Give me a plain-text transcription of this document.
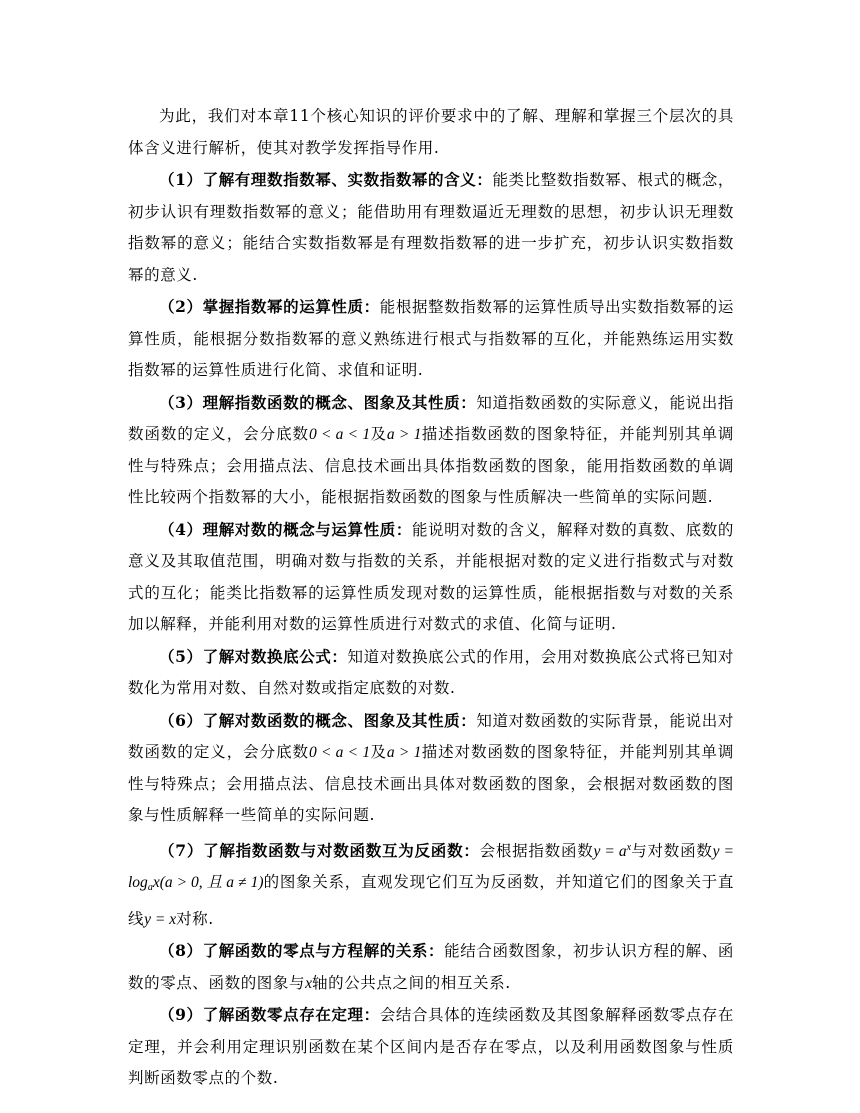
为此，我们对本章11个核心知识的评价要求中的了解、理解和掌握三个层次的具体含义进行解析，使其对教学发挥指导作用.

（1）了解有理数指数幂、实数指数幂的含义：能类比整数指数幂、根式的概念，初步认识有理数指数幂的意义；能借助用有理数逼近无理数的思想，初步认识无理数指数幂的意义；能结合实数指数幂是有理数指数幂的进一步扩充，初步认识实数指数幂的意义.

（2）掌握指数幂的运算性质：能根据整数指数幂的运算性质导出实数指数幂的运算性质，能根据分数指数幂的意义熟练进行根式与指数幂的互化，并能熟练运用实数指数幂的运算性质进行化简、求值和证明.

（3）理解指数函数的概念、图象及其性质：知道指数函数的实际意义，能说出指数函数的定义，会分底数0 < a < 1及a > 1描述指数函数的图象特征，并能判别其单调性与特殊点；会用描点法、信息技术画出具体指数函数的图象，能用指数函数的单调性比较两个指数幂的大小，能根据指数函数的图象与性质解决一些简单的实际问题.

（4）理解对数的概念与运算性质：能说明对数的含义，解释对数的真数、底数的意义及其取值范围，明确对数与指数的关系，并能根据对数的定义进行指数式与对数式的互化；能类比指数幂的运算性质发现对数的运算性质，能根据指数与对数的关系加以解释，并能利用对数的运算性质进行对数式的求值、化简与证明.

（5）了解对数换底公式：知道对数换底公式的作用，会用对数换底公式将已知对数化为常用对数、自然对数或指定底数的对数.

（6）了解对数函数的概念、图象及其性质：知道对数函数的实际背景，能说出对数函数的定义，会分底数0 < a < 1及a > 1描述对数函数的图象特征，并能判别其单调性与特殊点；会用描点法、信息技术画出具体对数函数的图象，会根据对数函数的图象与性质解释一些简单的实际问题.

（7）了解指数函数与对数函数互为反函数：会根据指数函数$y = a^x$与对数函数$y = \log_ax(a > 0$, 且 a ≠ 1)的图象关系，直观发现它们互为反函数，并知道它们的图象关于直线y = x对称.

（8）了解函数的零点与方程解的关系：能结合函数图象，初步认识方程的解、函数的零点、函数的图象与x轴的公共点之间的相互关系.

（9）了解函数零点存在定理：会结合具体的连续函数及其图象解释函数零点存在定理，并会利用定理识别函数在某个区间内是否存在零点，以及利用函数图象与性质判断函数零点的个数.
